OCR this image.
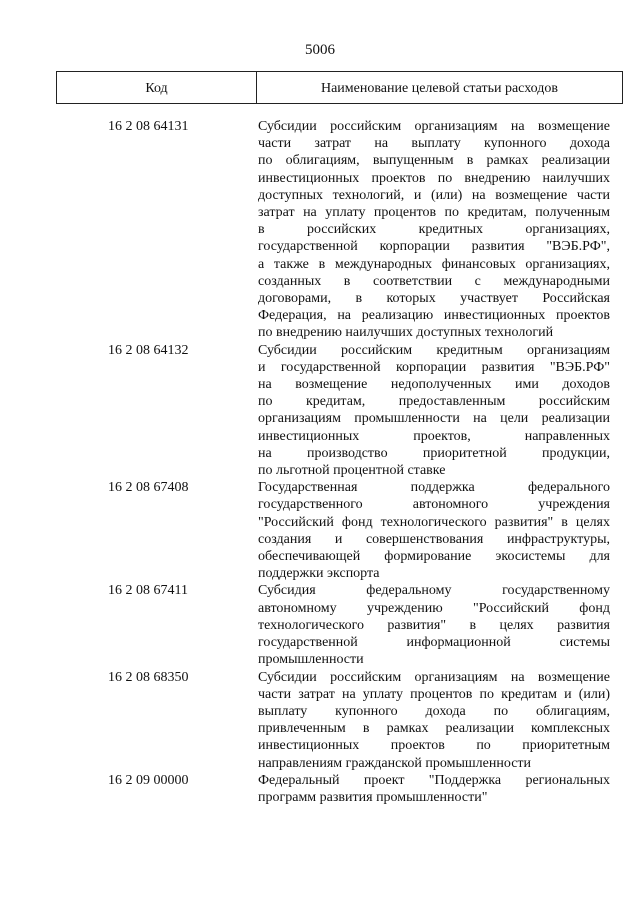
5006
Код	Наименование целевой статьи расходов
16 2 08 64131	Субсидии российским организациям на возмещение
части затрат на выплату купонного дохода
по облигациям, выпущенным в рамках реализации
инвестиционных проектов по внедрению наилучших
доступных технологий, и (или) на возмещение части
затрат на уплату процентов по кредитам, полученным
в российских кредитных организациях,
государственной корпорации развития "ВЭБ.РФ",
а также в международных финансовых организациях,
созданных в соответствии с международными
договорами, в которых участвует Российская
Федерация, на реализацию инвестиционных проектов
по внедрению наилучших доступных технологий
16 2 08 64132	Субсидии российским кредитным организациям
и государственной корпорации развития "ВЭБ.РФ"
на возмещение недополученных ими доходов
по кредитам, предоставленным российским
организациям промышленности на цели реализации
инвестиционных проектов, направленных
на производство приоритетной продукции,
по льготной процентной ставке
16 2 08 67408	Государственная поддержка федерального
государственного автономного учреждения
"Российский фонд технологического развития" в целях
создания и совершенствования инфраструктуры,
обеспечивающей формирование экосистемы для
поддержки экспорта
16 2 08 67411	Субсидия федеральному государственному
автономному учреждению "Российский фонд
технологического развития" в целях развития
государственной информационной системы
промышленности
16 2 08 68350	Субсидии российским организациям на возмещение
части затрат на уплату процентов по кредитам и (или)
выплату купонного дохода по облигациям,
привлеченным в рамках реализации комплексных
инвестиционных проектов по приоритетным
направлениям гражданской промышленности
16 2 09 00000	Федеральный проект "Поддержка региональных
программ развития промышленности"
